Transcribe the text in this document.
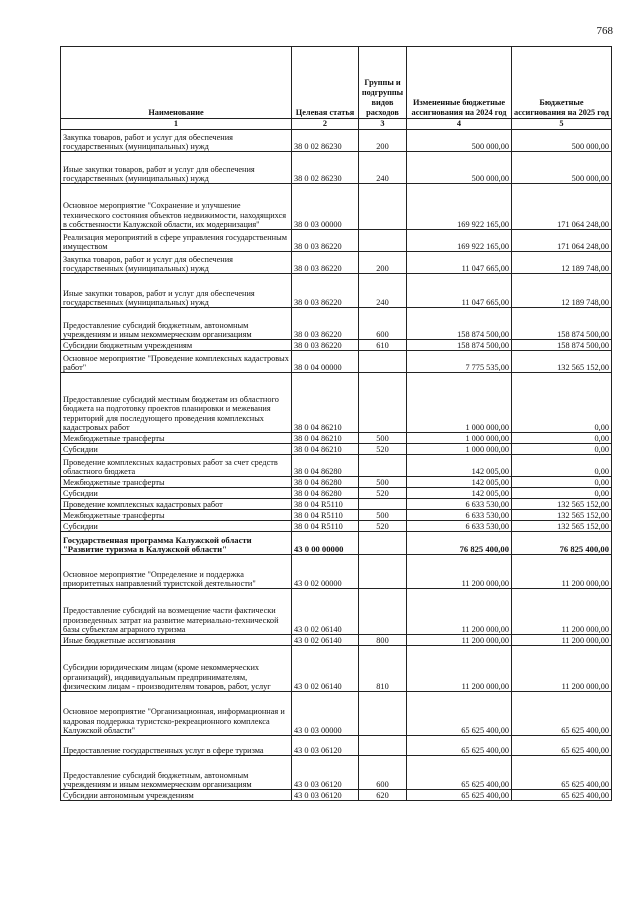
768
Наименование	Целевая статья	Группы и подгруппы видов расходов	Измененные бюджетные ассигнования на 2024 год	Бюджетные ассигнования на 2025 год
1	2	3	4	5
Закупка товаров, работ и услуг для обеспечения государственных (муниципальных) нужд	38 0 02 86230	200	500 000,00	500 000,00
Иные закупки товаров, работ и услуг для обеспечения государственных (муниципальных) нужд	38 0 02 86230	240	500 000,00	500 000,00
Основное мероприятие "Сохранение и улучшение технического состояния объектов недвижимости, находящихся в собственности Калужской области, их модернизация"	38 0 03 00000		169 922 165,00	171 064 248,00
Реализация мероприятий в сфере управления государственным имуществом	38 0 03 86220		169 922 165,00	171 064 248,00
Закупка товаров, работ и услуг для обеспечения государственных (муниципальных) нужд	38 0 03 86220	200	11 047 665,00	12 189 748,00
Иные закупки товаров, работ и услуг для обеспечения государственных (муниципальных) нужд	38 0 03 86220	240	11 047 665,00	12 189 748,00
Предоставление субсидий бюджетным, автономным учреждениям и иным некоммерческим организациям	38 0 03 86220	600	158 874 500,00	158 874 500,00
Субсидии бюджетным учреждениям	38 0 03 86220	610	158 874 500,00	158 874 500,00
Основное мероприятие "Проведение комплексных кадастровых работ"	38 0 04 00000		7 775 535,00	132 565 152,00
Предоставление субсидий местным бюджетам из областного бюджета на подготовку проектов планировки и межевания территорий для последующего проведения комплексных кадастровых работ	38 0 04 86210		1 000 000,00	0,00
Межбюджетные трансферты	38 0 04 86210	500	1 000 000,00	0,00
Субсидии	38 0 04 86210	520	1 000 000,00	0,00
Проведение комплексных кадастровых работ за счет средств областного бюджета	38 0 04 86280		142 005,00	0,00
Межбюджетные трансферты	38 0 04 86280	500	142 005,00	0,00
Субсидии	38 0 04 86280	520	142 005,00	0,00
Проведение комплексных кадастровых работ	38 0 04 R5110		6 633 530,00	132 565 152,00
Межбюджетные трансферты	38 0 04 R5110	500	6 633 530,00	132 565 152,00
Субсидии	38 0 04 R5110	520	6 633 530,00	132 565 152,00
Государственная программа Калужской области "Развитие туризма в Калужской области"	43 0 00 00000		76 825 400,00	76 825 400,00
Основное мероприятие "Определение и поддержка приоритетных направлений туристской деятельности"	43 0 02 00000		11 200 000,00	11 200 000,00
Предоставление субсидий на возмещение части фактически произведенных затрат на развитие материально-технической базы субъектам аграрного туризма	43 0 02 06140		11 200 000,00	11 200 000,00
Иные бюджетные ассигнования	43 0 02 06140	800	11 200 000,00	11 200 000,00
Субсидии юридическим лицам (кроме некоммерческих организаций), индивидуальным предпринимателям, физическим лицам - производителям товаров, работ, услуг	43 0 02 06140	810	11 200 000,00	11 200 000,00
Основное мероприятие "Организационная, информационная и кадровая поддержка туристско-рекреационного комплекса Калужской области"	43 0 03 00000		65 625 400,00	65 625 400,00
Предоставление государственных услуг в сфере туризма	43 0 03 06120		65 625 400,00	65 625 400,00
Предоставление субсидий бюджетным, автономным учреждениям и иным некоммерческим организациям	43 0 03 06120	600	65 625 400,00	65 625 400,00
Субсидии автономным учреждениям	43 0 03 06120	620	65 625 400,00	65 625 400,00
